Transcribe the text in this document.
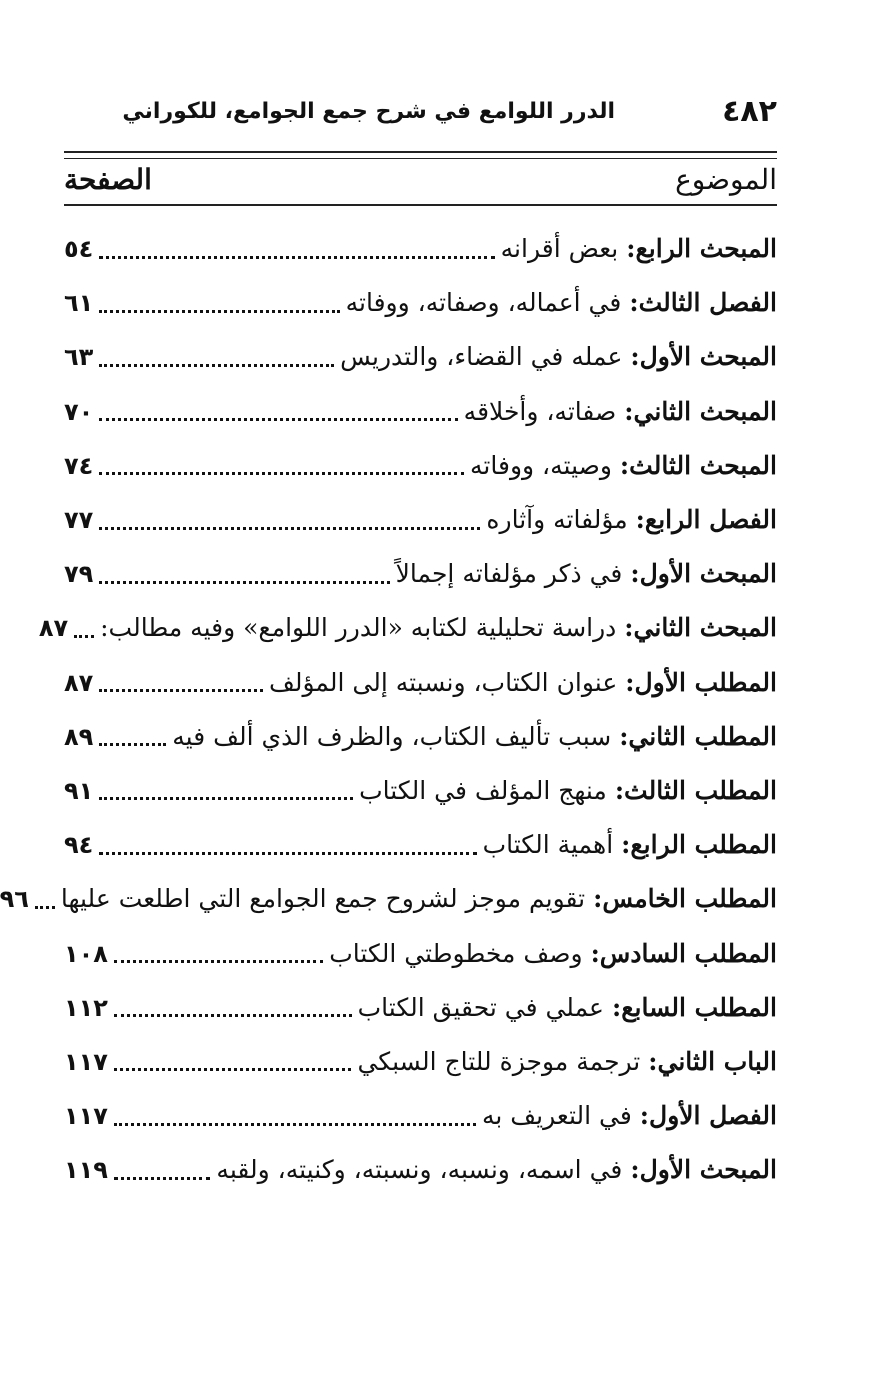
٤٨٢
الدرر اللوامع في شرح جمع الجوامع، للكوراني
الموضوع
الصفحة
المبحث الرابع:
بعض أقرانه
٥٤
الفصل الثالث:
في أعماله، وصفاته، ووفاته
٦١
المبحث الأول:
عمله في القضاء، والتدريس
٦٣
المبحث الثاني:
صفاته، وأخلاقه
٧٠
المبحث الثالث:
وصيته، ووفاته
٧٤
الفصل الرابع:
مؤلفاته وآثاره
٧٧
المبحث الأول:
في ذكر مؤلفاته إجمالاً
٧٩
المبحث الثاني:
دراسة تحليلية لكتابه «الدرر اللوامع» وفيه مطالب:
٨٧
المطلب الأول:
عنوان الكتاب، ونسبته إلى المؤلف
٨٧
المطلب الثاني:
سبب تأليف الكتاب، والظرف الذي ألف فيه
٨٩
المطلب الثالث:
منهج المؤلف في الكتاب
٩١
المطلب الرابع:
أهمية الكتاب
٩٤
المطلب الخامس:
تقويم موجز لشروح جمع الجوامع التي اطلعت عليها
٩٦
المطلب السادس:
وصف مخطوطتي الكتاب
١٠٨
المطلب السابع:
عملي في تحقيق الكتاب
١١٢
الباب الثاني:
ترجمة موجزة للتاج السبكي
١١٧
الفصل الأول:
في التعريف به
١١٧
المبحث الأول:
في اسمه، ونسبه، ونسبته، وكنيته، ولقبه
١١٩
